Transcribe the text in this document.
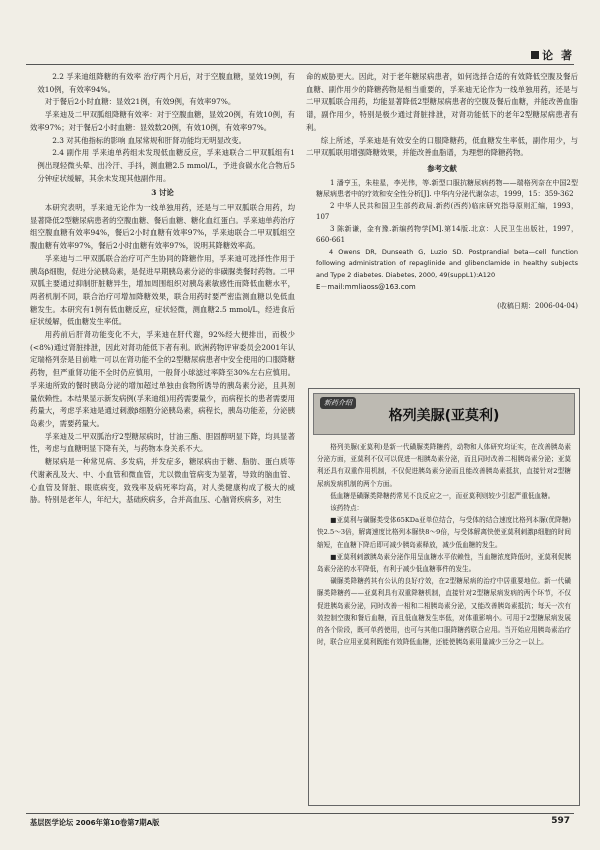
论 著

2.2 孚来迪组降糖的有效率 治疗两个月后，对于空腹血糖，显效19例，有效10例，有效率94%。

对于餐后2小时血糖：显效21例，有效9例，有效率97%。

孚来迪及二甲双胍组降糖有效率：对于空腹血糖，显效20例，有效10例，有效率97%；对于餐后2小时血糖：显效数20例，有效10例，有效率97%。

2.3 对其他指标的影响 血尿常规和肝肾功能均无明显改变。

2.4 副作用 孚来迪单药组未发现低血糖反应，孚来迪联合二甲双胍组有1例出现轻微头晕、出冷汗、手抖，测血糖2.5 mmol/L，予进食碳水化合物后5分钟症状缓解，其余未发现其他副作用。

3 讨论

本研究表明，孚来迪无论作为一线单独用药，还是与二甲双胍联合用药，均显著降低2型糖尿病患者的空腹血糖、餐后血糖、糖化血红蛋白。孚来迪单药治疗组空腹血糖有效率94%，餐后2小时血糖有效率97%，孚来迪联合二甲双胍组空腹血糖有效率97%，餐后2小时血糖有效率97%，说明其降糖效率高。

孚来迪与二甲双胍联合治疗可产生协同的降糖作用，孚来迪可选择性作用于胰岛β细胞，促进分泌胰岛素，是促进早期胰岛素分泌的非磺脲类餐时药物。二甲双胍主要通过抑制肝脏糖异生，增加周围组织对胰岛素敏感性而降低血糖水平，两者机制不同，联合治疗可增加降糖效果，联合用药时要严密监测血糖以免低血糖发生。本研究有1例有低血糖反应，症状轻微，测血糖2.5 mmol/L，经进食后症状缓解，低血糖发生率低。

用药前后肝肾功能变化不大，孚来迪在肝代谢，92%经大便排出，而极少(<8%)通过肾脏排泄，因此对肾功能低下者有利。欧洲药物评审委员会2001年认定瑞格列奈是目前唯一可以在肾功能不全的2型糖尿病患者中安全使用的口服降糖药物，但严重肾功能不全时仍应慎用，一般肾小球滤过率降至30%左右应慎用。孚来迪所致的餐时胰岛分泌的增加超过单独由食物所诱导的胰岛素分泌，且具剂量依赖性。本结果显示新发病例(孚来迪组)用药需要量少，而病程长的患者需要用药量大，考虑孚来迪是通过刺激β细胞分泌胰岛素，病程长，胰岛功能差，分泌胰岛素少，需要药量大。

孚来迪及二甲双胍治疗2型糖尿病时，甘油三酯、胆固醇明显下降，均具显著性，考虑与血糖明显下降有关，与药物本身关系不大。

糖尿病是一种常见病、多发病，并发症多，糖尿病由于糖、脂肪、蛋白质等代谢紊乱及大、中、小血管和微血管，尤以微血管病变为显著，导致的脑血管、心血管及肾脏、眼底病变，致残率及病死率均高，对人类健康构成了极大的威胁。特别是老年人，年纪大，基础疾病多，合并高血压、心脑肾疾病多，对生

命的威胁更大。因此，对于老年糖尿病患者，如何选择合适的有效降低空腹及餐后血糖、副作用少的降糖药物是相当重要的，孚来迪无论作为一线单独用药，还是与二甲双胍联合用药，均能显著降低2型糖尿病患者的空腹及餐后血糖，并能改善血脂谱，副作用少，特别是极少通过肾脏排泄，对肾功能低下的老年2型糖尿病患者有利。

综上所述，孚来迪是有效安全的口服降糖药，低血糖发生率低，副作用少，与二甲双胍联用增强降糖效果，并能改善血脂谱，为理想的降糖药物。

参考文献

1 潘亨玉，朱桂星，李光伟，等.新型口服抗糖尿病药物——瑞格列奈在中国2型糖尿病患者中的疗效和安全性分析[J]. 中华内分泌代谢杂志，1999，15：359-362

2 中华人民共和国卫生部药政局.新药(西药)临床研究指导原则汇编，1993，107

3 陈新谦，金有豫.新编药物学[M].第14版.北京：人民卫生出版社，1997，660-661

4 Owens DR, Dunseath G, Luzio SD. Postprandial beta—cell function following administration of repaglinide and glibenclamide in healthy subjects and Type 2 diabetes. Diabetes, 2000, 49(suppL1):A120

E－mail:mmliaoss@163.com
(收稿日期：2006-04-04)
新药介绍
格列美脲(亚莫利)

格列美脲(亚莫利)是新一代磺脲类降糖药，动物和人体研究均证实，在改善胰岛素分泌方面，亚莫利不仅可以促进一相胰岛素分泌，而且同时改善二相胰岛素分泌；亚莫利还具有双重作用机制，不仅促进胰岛素分泌而且能改善胰岛素抵抗，直接针对2型糖尿病发病机制的两个方面。

低血糖是磺脲类降糖药常见不良反应之一，而亚莫利则较少引起严重低血糖。

该药特点：

■亚莫利与磺脲类受体65KDa亚单位结合，与受体的结合速度比格列本脲(优降糖)快2.5～3倍，解离速度比格列本脲快8～9倍，与受体解离快使亚莫利刺激β细胞的时间缩短，在血糖下降后即可减少胰岛素释放，减少低血糖的发生。

■亚莫利刺激胰岛素分泌作用呈血糖水平依赖性，当血糖浓度降低时，亚莫利促胰岛素分泌的水平降低，有利于减少低血糖事件的发生。

磺脲类降糖药其有公认的良好疗效，在2型糖尿病的治疗中居重要地位。新一代磺脲类降糖药——亚莫利具有双重降糖机制，直接针对2型糖尿病发病的两个环节，不仅促进胰岛素分泌，同时改善一相和二相胰岛素分泌，又能改善胰岛素抵抗；每天一次有效控制空腹和餐后血糖，而且低血糖发生率低，对体重影响小。可用于2型糖尿病发展的各个阶段，既可单药使用，也可与其他口服降糖药联合应用。当开始应用胰岛素治疗时，联合应用亚莫利既能有效降低血糖，还能使胰岛素用量减少三分之一以上。

基层医学论坛 2006年第10卷第7期A版	597
